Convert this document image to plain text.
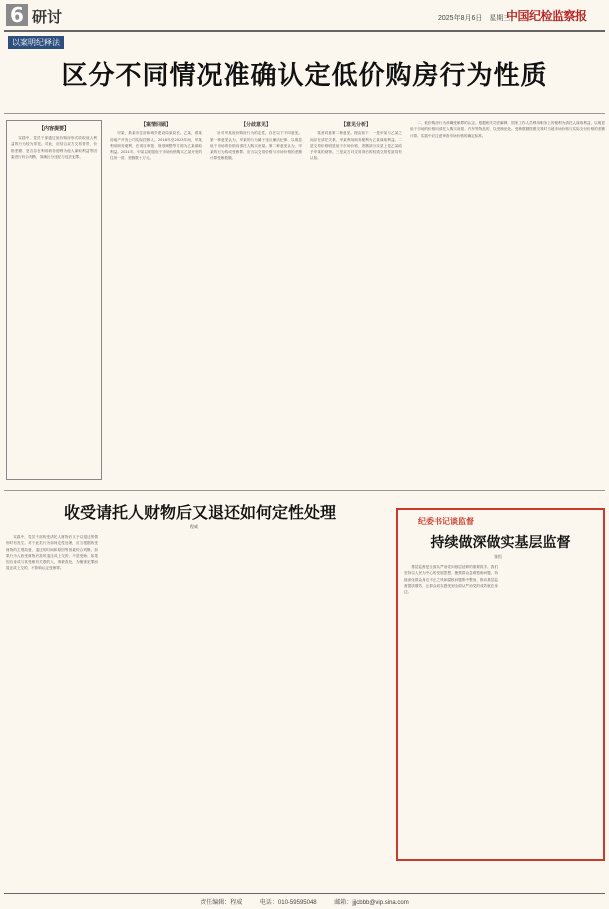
6 研讨	2025年8月6日　星期三
中国纪检监察报
以案明纪释法
区分不同情况准确认定低价购房行为性质
【内容提要】

实践中，党员干部通过低价购房形式收取他人利益的行为较为常见。对此，应结合双方交易背景、价格差额、是否存在利用职务便利为他人谋取利益等因素进行综合判断，准确区分违纪与违法犯罪。

【案情回顾】

甲某，系某市住房和城乡建设局原局长。乙某，系某房地产开发公司实际控制人。2018年至2023年间，甲某利用职务便利，在项目审批、规划调整等方面为乙某谋取利益。2021年，甲某以明显低于市场价格购买乙某开发的住房一套，差额数十万元。

【分歧意见】

针对甲某低价购房行为的定性，存在以下不同意见。第一种意见认为，甲某的行为属于违反廉洁纪律，以明显低于市场的价格向请托人购买房屋。第二种意见认为，甲某的行为构成受贿罪，应当以交易价格与市场价格的差额计算受贿数额。

【意见分析】

笔者同意第二种意见。理由如下：一是甲某与乙某之间存在请托关系，甲某利用职务便利为乙某谋取利益。二是交易价格明显低于市场价格，差额部分实质上是乙某给予甲某的财物。三是双方对交易背后的权钱交易性质均有认知。

二、低价购房行为涉嫌受贿罪的认定。根据相关司法解释，国家工作人员利用职务上的便利为请托人谋取利益，以明显低于市场的价格向请托人购买房屋、汽车等物品的，以受贿论处。受贿数额按照交易时当地市场价格与实际支付价格的差额计算。实践中应注意审查市场价格的确定标准。

收受请托人财物后又退还如何定性处理
程威

实践中，党员干部收受请托人财物后又予以退还的情形时有发生。对于此类行为如何定性处理，应当根据收受财物的主观故意、退还的时间和原因等因素综合判断。如果行为人收受财物后及时退还或上交的，不是受贿；如果因自身或与其受贿有关联的人、事被查处，为掩饰犯罪而退还或上交的，不影响认定受贿罪。

纪委书记谈监督
持续做深做实基层监督
张恒

基层监督是全面从严治党向基层延伸的重要抓手。我们坚持以人民为中心的发展思想，聚焦群众急难愁盼问题，持续深化群众身边不正之风和腐败问题集中整治，推动基层监督提质增效，让群众切实感受到全面从严治党的成效就在身边。

责任编辑：程威	电话：010-59595048	邮箱：jjjcbbb@vip.sina.com
